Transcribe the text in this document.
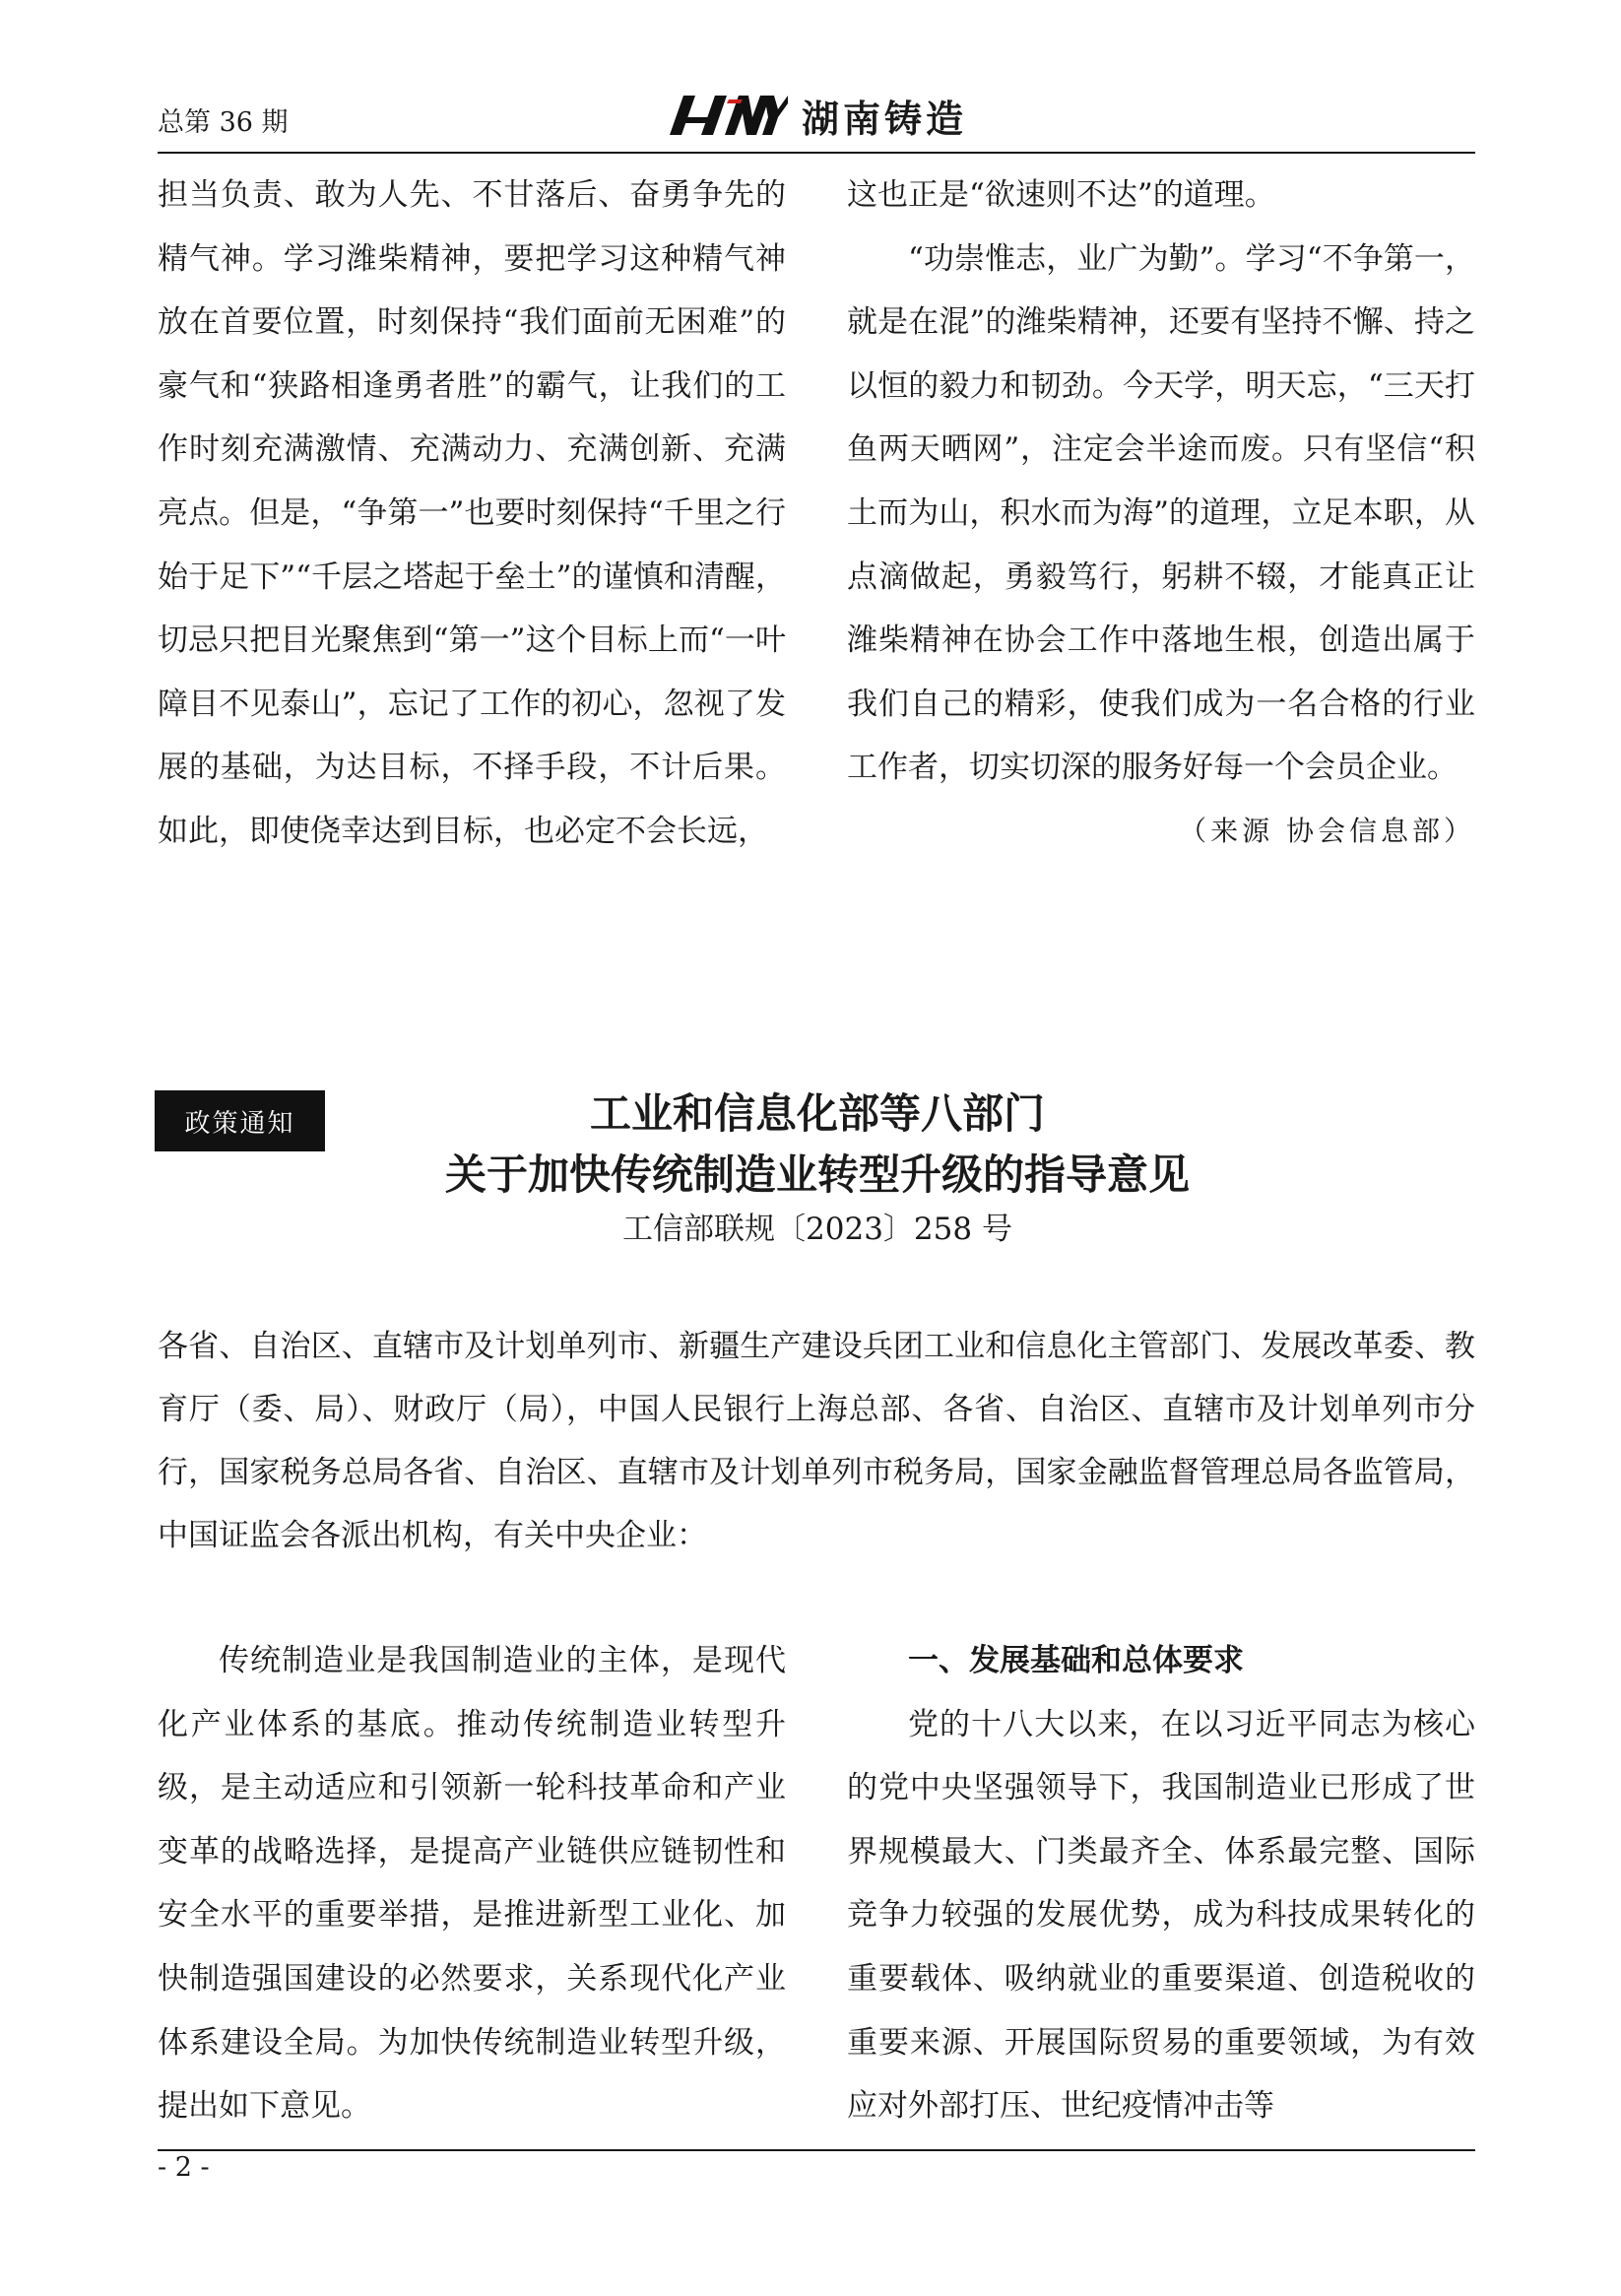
总第 36 期	湖南铸造

担当负责、敢为人先、不甘落后、奋勇争先的精气神。学习潍柴精神，要把学习这种精气神放在首要位置，时刻保持“我们面前无困难”的豪气和“狭路相逢勇者胜”的霸气，让我们的工作时刻充满激情、充满动力、充满创新、充满亮点。但是，“争第一”也要时刻保持“千里之行始于足下”“千层之塔起于垒土”的谨慎和清醒，切忌只把目光聚焦到“第一”这个目标上而“一叶障目不见泰山”，忘记了工作的初心，忽视了发展的基础，为达目标，不择手段，不计后果。如此，即使侥幸达到目标，也必定不会长远，

这也正是“欲速则不达”的道理。

“功崇惟志，业广为勤”。学习“不争第一，就是在混”的潍柴精神，还要有坚持不懈、持之以恒的毅力和韧劲。今天学，明天忘，“三天打鱼两天晒网”，注定会半途而废。只有坚信“积土而为山，积水而为海”的道理，立足本职，从点滴做起，勇毅笃行，躬耕不辍，才能真正让潍柴精神在协会工作中落地生根，创造出属于我们自己的精彩，使我们成为一名合格的行业工作者，切实切深的服务好每一个会员企业。

（来源 协会信息部）

政策通知	工业和信息化部等八部门
关于加快传统制造业转型升级的指导意见
工信部联规〔2023〕258 号
各省、自治区、直辖市及计划单列市、新疆生产建设兵团工业和信息化主管部门、发展改革委、教育厅（委、局）、财政厅（局），中国人民银行上海总部、各省、自治区、直辖市及计划单列市分行，国家税务总局各省、自治区、直辖市及计划单列市税务局，国家金融监督管理总局各监管局，中国证监会各派出机构，有关中央企业：

传统制造业是我国制造业的主体，是现代化产业体系的基底。推动传统制造业转型升级，是主动适应和引领新一轮科技革命和产业变革的战略选择，是提高产业链供应链韧性和安全水平的重要举措，是推进新型工业化、加快制造强国建设的必然要求，关系现代化产业体系建设全局。为加快传统制造业转型升级，提出如下意见。

一、发展基础和总体要求

党的十八大以来，在以习近平同志为核心的党中央坚强领导下，我国制造业已形成了世界规模最大、门类最齐全、体系最完整、国际竞争力较强的发展优势，成为科技成果转化的重要载体、吸纳就业的重要渠道、创造税收的重要来源、开展国际贸易的重要领域，为有效应对外部打压、世纪疫情冲击等

- 2 -
